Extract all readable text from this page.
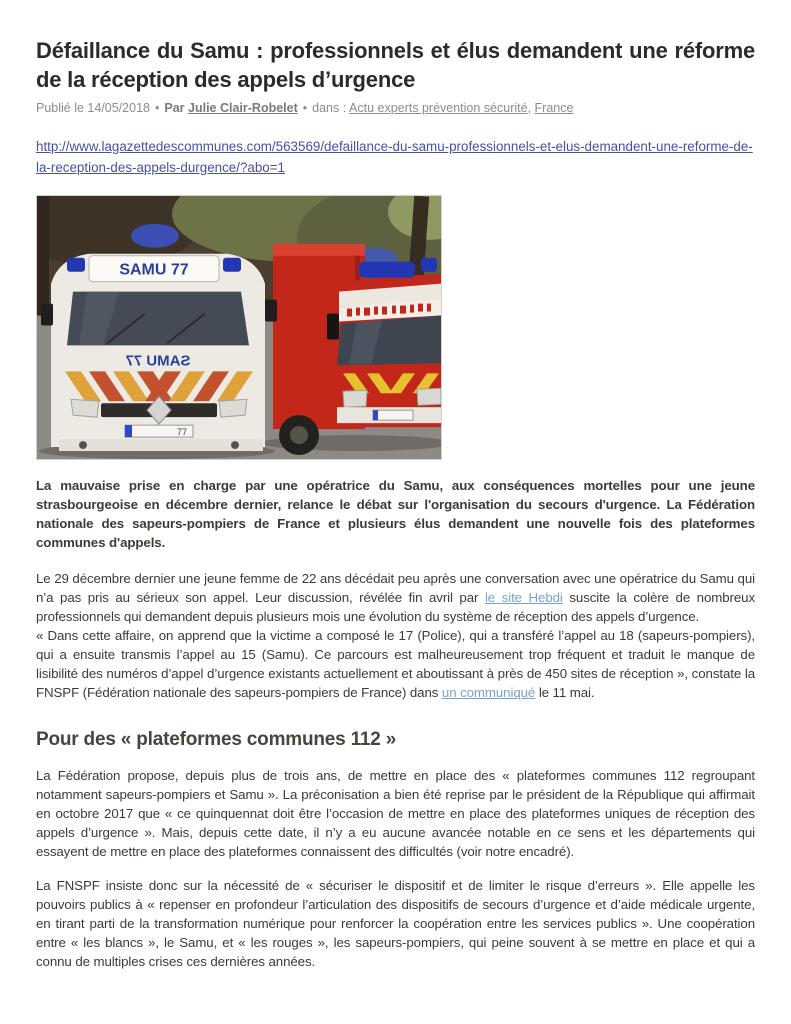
Défaillance du Samu : professionnels et élus demandent une réforme de la réception des appels d’urgence
Publié le 14/05/2018 • Par Julie Clair-Robelet • dans : Actu experts prévention sécurité, France
http://www.lagazettedescommunes.com/563569/defaillance-du-samu-professionnels-et-elus-demandent-une-reforme-de-la-reception-des-appels-durgence/?abo=1
SAMU 77
SAMU 77
77

La mauvaise prise en charge par une opératrice du Samu, aux conséquences mortelles pour une jeune strasbourgeoise en décembre dernier, relance le débat sur l'organisation du secours d'urgence. La Fédération nationale des sapeurs-pompiers de France et plusieurs élus demandent une nouvelle fois des plateformes communes d'appels.

Le 29 décembre dernier une jeune femme de 22 ans décédait peu après une conversation avec une opératrice du Samu qui n’a pas pris au sérieux son appel. Leur discussion, révélée fin avril par le site Hebdi suscite la colère de nombreux professionnels qui demandent depuis plusieurs mois une évolution du système de réception des appels d’urgence.

« Dans cette affaire, on apprend que la victime a composé le 17 (Police), qui a transféré l’appel au 18 (sapeurs-pompiers), qui a ensuite transmis l’appel au 15 (Samu). Ce parcours est malheureusement trop fréquent et traduit le manque de lisibilité des numéros d’appel d’urgence existants actuellement et aboutissant à près de 450 sites de réception », constate la FNSPF (Fédération nationale des sapeurs-pompiers de France) dans un communiqué le 11 mai.

Pour des « plateformes communes 112 »

La Fédération propose, depuis plus de trois ans, de mettre en place des « plateformes communes 112 regroupant notamment sapeurs-pompiers et Samu ». La préconisation a bien été reprise par le président de la République qui affirmait en octobre 2017 que « ce quinquennat doit être l’occasion de mettre en place des plateformes uniques de réception des appels d’urgence ». Mais, depuis cette date, il n’y a eu aucune avancée notable en ce sens et les départements qui essayent de mettre en place des plateformes connaissent des difficultés (voir notre encadré).

La FNSPF insiste donc sur la nécessité de « sécuriser le dispositif et de limiter le risque d’erreurs ». Elle appelle les pouvoirs publics à « repenser en profondeur l’articulation des dispositifs de secours d’urgence et d’aide médicale urgente, en tirant parti de la transformation numérique pour renforcer la coopération entre les services publics ». Une coopération entre « les blancs », le Samu, et « les rouges », les sapeurs-pompiers, qui peine souvent à se mettre en place et qui a connu de multiples crises ces dernières années.
